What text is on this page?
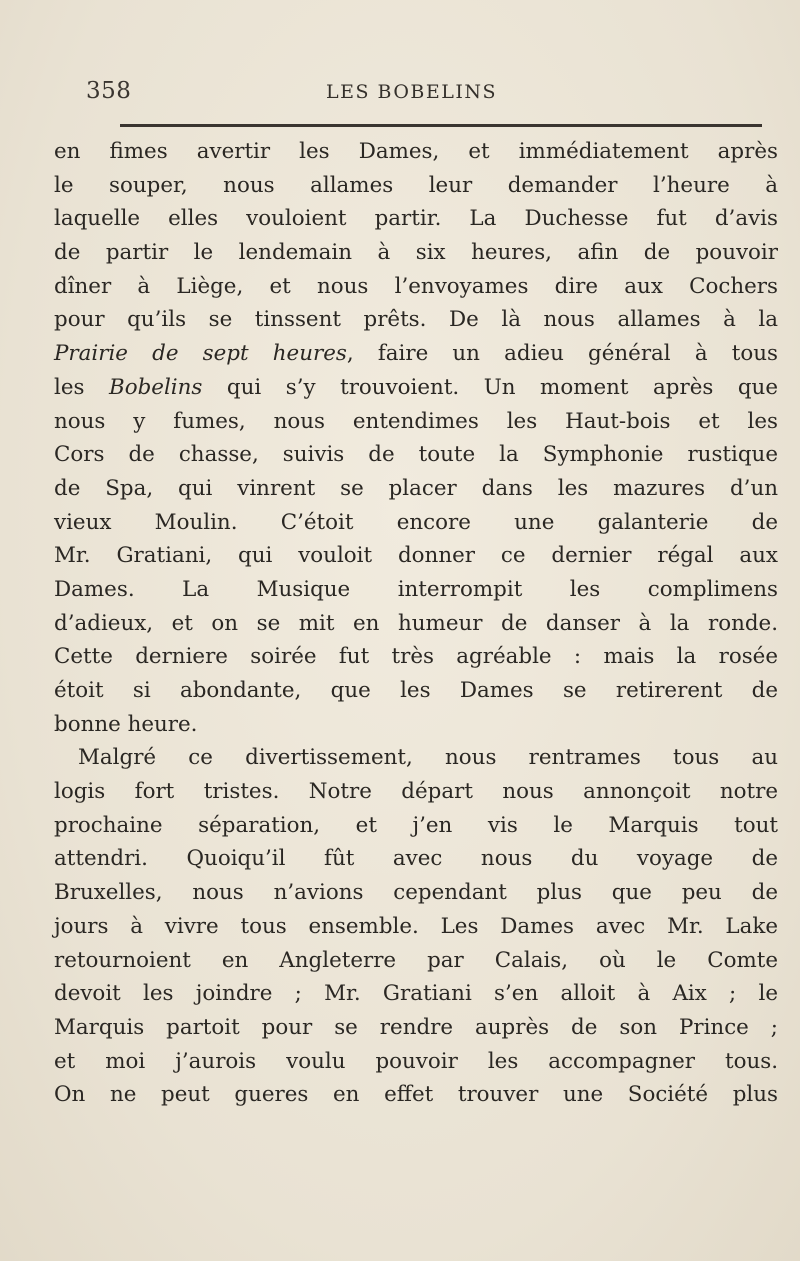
358	LES BOBELINS
en fimes avertir les Dames, et immédiatement après
le souper, nous allames leur demander l’heure à
laquelle elles vouloient partir. La Duchesse fut d’avis
de partir le lendemain à six heures, afin de pouvoir
dîner à Liège, et nous l’envoyames dire aux Cochers
pour qu’ils se tinssent prêts. De là nous allames à la
Prairie de sept heures, faire un adieu général à tous
les Bobelins qui s’y trouvoient. Un moment après que
nous y fumes, nous entendimes les Haut-bois et les
Cors de chasse, suivis de toute la Symphonie rustique
de Spa, qui vinrent se placer dans les mazures d’un
vieux Moulin. C’étoit encore une galanterie de
Mr. Gratiani, qui vouloit donner ce dernier régal aux
Dames. La Musique interrompit les complimens
d’adieux, et on se mit en humeur de danser à la ronde.
Cette derniere soirée fut très agréable : mais la rosée
étoit si abondante, que les Dames se retirerent de
bonne heure.
Malgré ce divertissement, nous rentrames tous au
logis fort tristes. Notre départ nous annonçoit notre
prochaine séparation, et j’en vis le Marquis tout
attendri. Quoiqu’il fût avec nous du voyage de
Bruxelles, nous n’avions cependant plus que peu de
jours à vivre tous ensemble. Les Dames avec Mr. Lake
retournoient en Angleterre par Calais, où le Comte
devoit les joindre ; Mr. Gratiani s’en alloit à Aix ; le
Marquis partoit pour se rendre auprès de son Prince ;
et moi j’aurois voulu pouvoir les accompagner tous.
On ne peut gueres en effet trouver une Société plus
